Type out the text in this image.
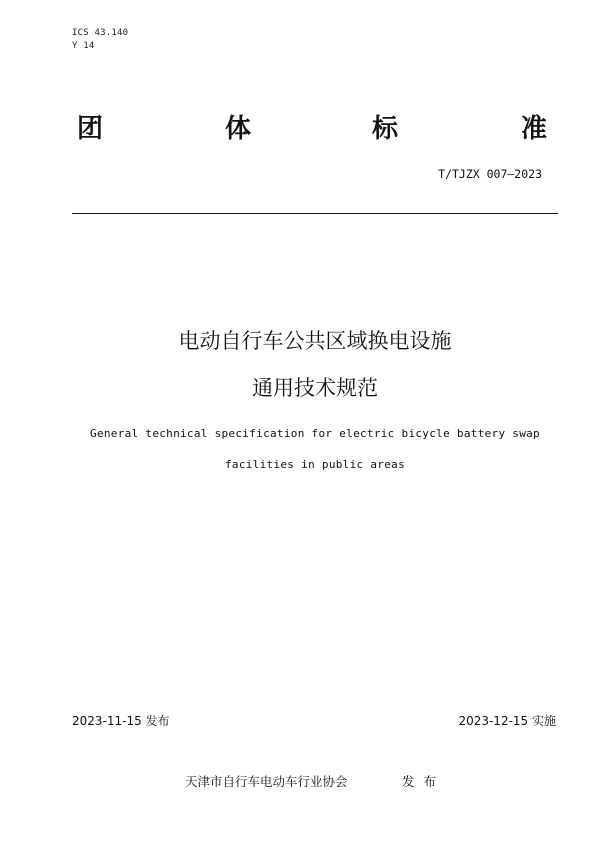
ICS 43.140
Y 14
团	体	标	准
T/TJZX 007—2023
电动自行车公共区域换电设施
通用技术规范
General technical specification for electric bicycle battery swap
facilities in public areas
2023-11-15 发布	2023-12-15 实施
天津市自行车电动车行业协会	发布
